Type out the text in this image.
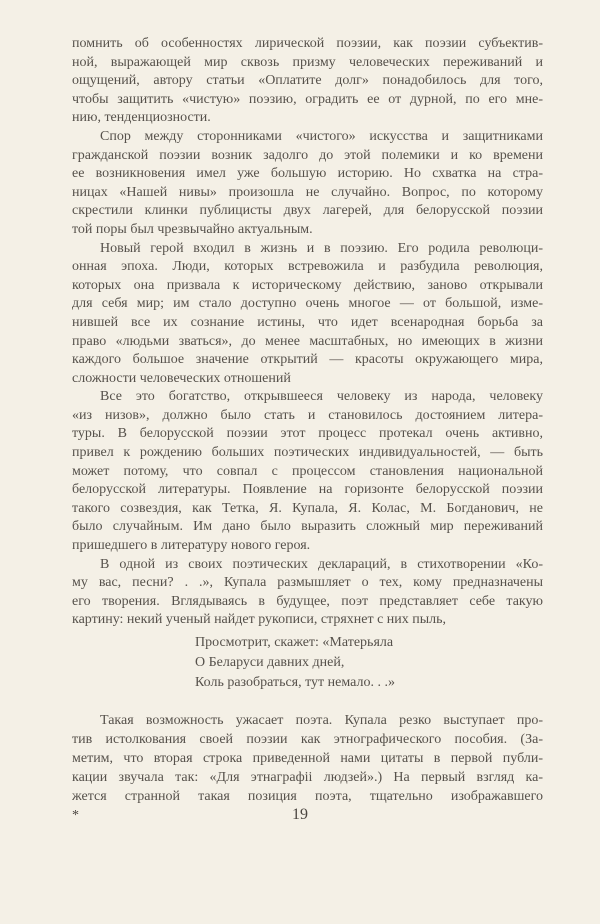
помнить об особенностях лирической поэзии, как поэзии субъектив-
ной, выражающей мир сквозь призму человеческих переживаний и
ощущений, автору статьи «Оплатите долг» понадобилось для того,
чтобы защитить «чистую» поэзию, оградить ее от дурной, по его мне-
нию, тенденциозности.
Спор между сторонниками «чистого» искусства и защитниками
гражданской поэзии возник задолго до этой полемики и ко времени
ее возникновения имел уже большую историю. Но схватка на стра-
ницах «Нашей нивы» произошла не случайно. Вопрос, по которому
скрестили клинки публицисты двух лагерей, для белорусской поэзии
той поры был чрезвычайно актуальным.
Новый герой входил в жизнь и в поэзию. Его родила революци-
онная эпоха. Люди, которых встревожила и разбудила революция,
которых она призвала к историческому действию, заново открывали
для себя мир; им стало доступно очень многое — от большой, изме-
нившей все их сознание истины, что идет всенародная борьба за
право «людьми зваться», до менее масштабных, но имеющих в жизни
каждого большое значение открытий — красоты окружающего мира,
сложности человеческих отношений
Все это богатство, открывшееся человеку из народа, человеку
«из низов», должно было стать и становилось достоянием литера-
туры. В белорусской поэзии этот процесс протекал очень активно,
привел к рождению больших поэтических индивидуальностей, — быть
может потому, что совпал с процессом становления национальной
белорусской литературы. Появление на горизонте белорусской поэзии
такого созвездия, как Тетка, Я. Купала, Я. Колас, М. Богданович, не
было случайным. Им дано было выразить сложный мир переживаний
пришедшего в литературу нового героя.
В одной из своих поэтических деклараций, в стихотворении «Ко-
му вас, песни? . .», Купала размышляет о тех, кому предназначены
его творения. Вглядываясь в будущее, поэт представляет себе такую
картину: некий ученый найдет рукописи, стряхнет с них пыль,
Просмотрит, скажет: «Матерьяла
О Беларуси давних дней,
Коль разобраться, тут немало. . .»
Такая возможность ужасает поэта. Купала резко выступает про-
тив истолкования своей поэзии как этнографического пособия. (За-
метим, что вторая строка приведенной нами цитаты в первой публи-
кации звучала так: «Для этнаграфіі людзей».) На первый взгляд ка-
жется странной такая позиция поэта, тщательно изображавшего
*	19
